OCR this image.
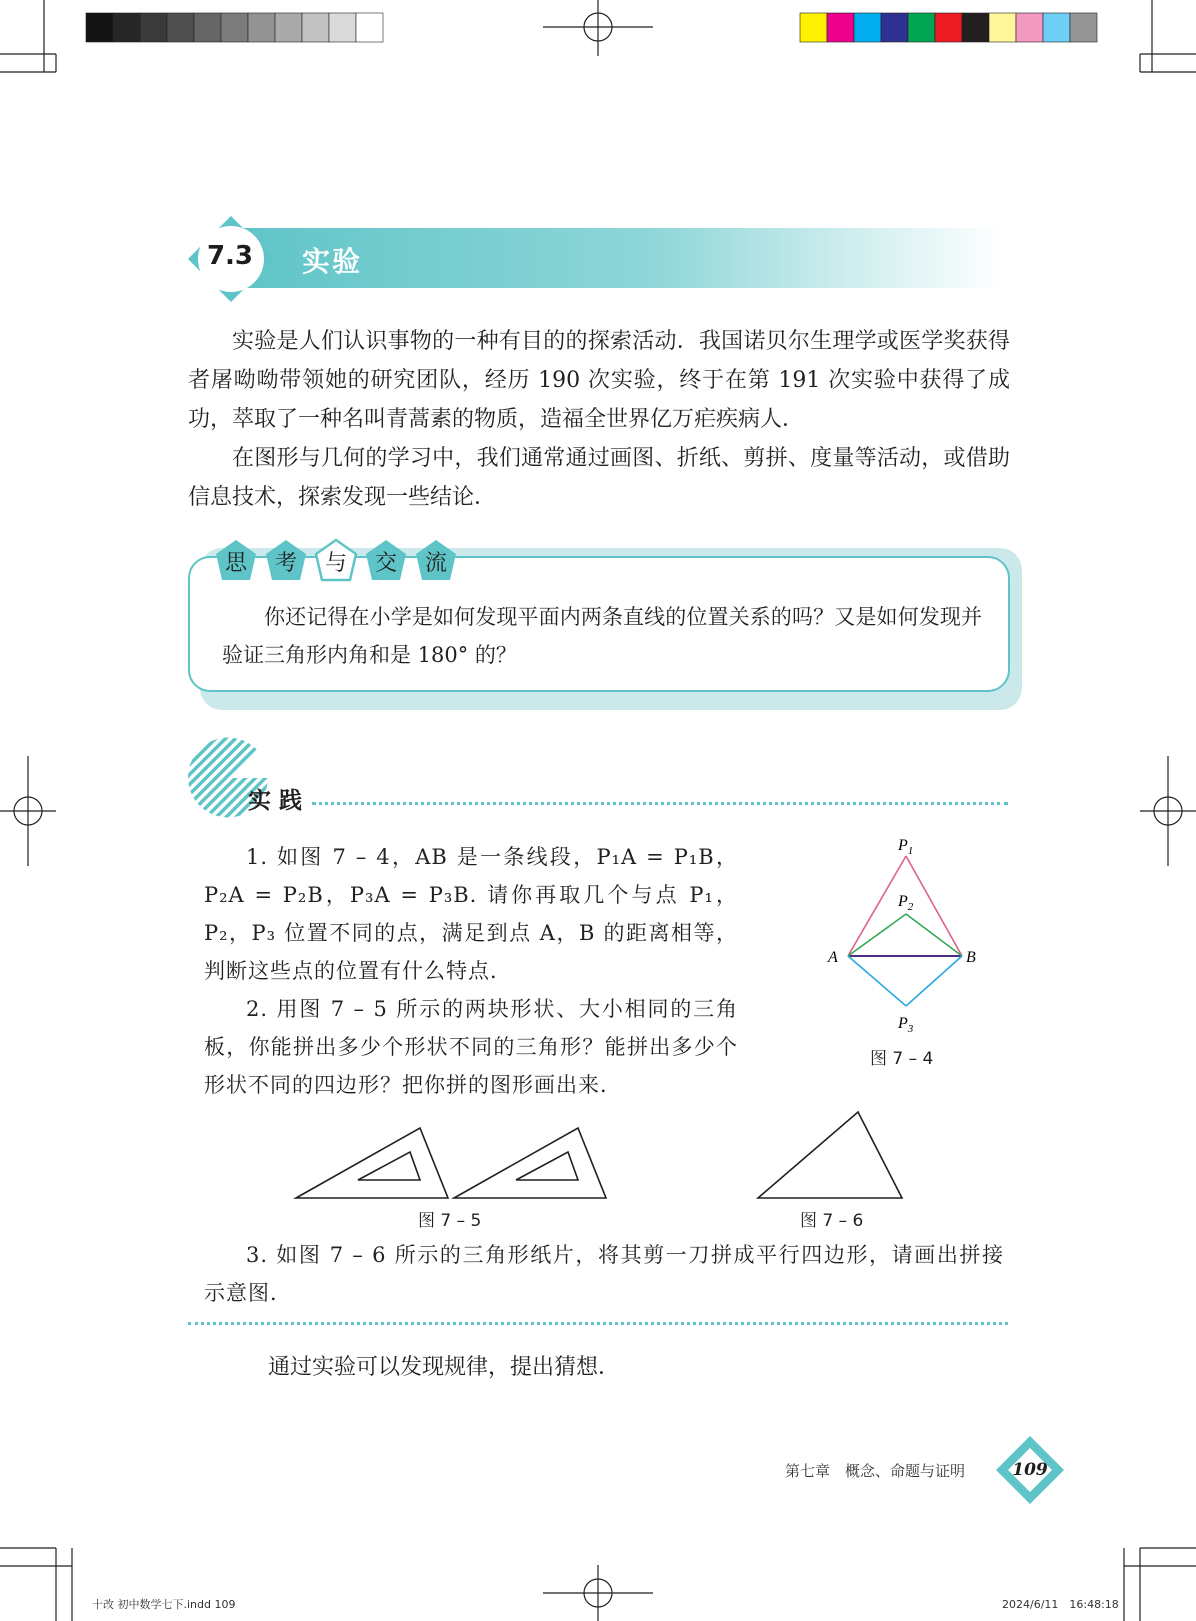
7.3 实验

实验是人们认识事物的一种有目的的探索活动．我国诺贝尔生理学或医学奖获得者屠呦呦带领她的研究团队，经历 190 次实验，终于在第 191 次实验中获得了成功，萃取了一种名叫青蒿素的物质，造福全世界亿万疟疾病人．

在图形与几何的学习中，我们通常通过画图、折纸、剪拼、度量等活动，或借助信息技术，探索发现一些结论．

思	考	与	交	流

你还记得在小学是如何发现平面内两条直线的位置关系的吗？又是如何发现并验证三角形内角和是 180° 的？

实践

1. 如图 7 – 4，AB 是一条线段，P₁A = P₁B，P₂A = P₂B，P₃A = P₃B. 请你再取几个与点 P₁，P₂，P₃ 位置不同的点，满足到点 A，B 的距离相等，判断这些点的位置有什么特点．

2. 用图 7 – 5 所示的两块形状、大小相同的三角板，你能拼出多少个形状不同的三角形？能拼出多少个形状不同的四边形？把你拼的图形画出来．

$P_1$
$P_2$
$P_3$
A	B
图 7 – 4
图 7 – 5	图 7 – 6

3. 如图 7 – 6 所示的三角形纸片，将其剪一刀拼成平行四边形，请画出拼接示意图．

通过实验可以发现规律，提出猜想．
第七章　概念、命题与证明	109
十改 初中数学七下.indd 109	2024/6/11　16:48:18
